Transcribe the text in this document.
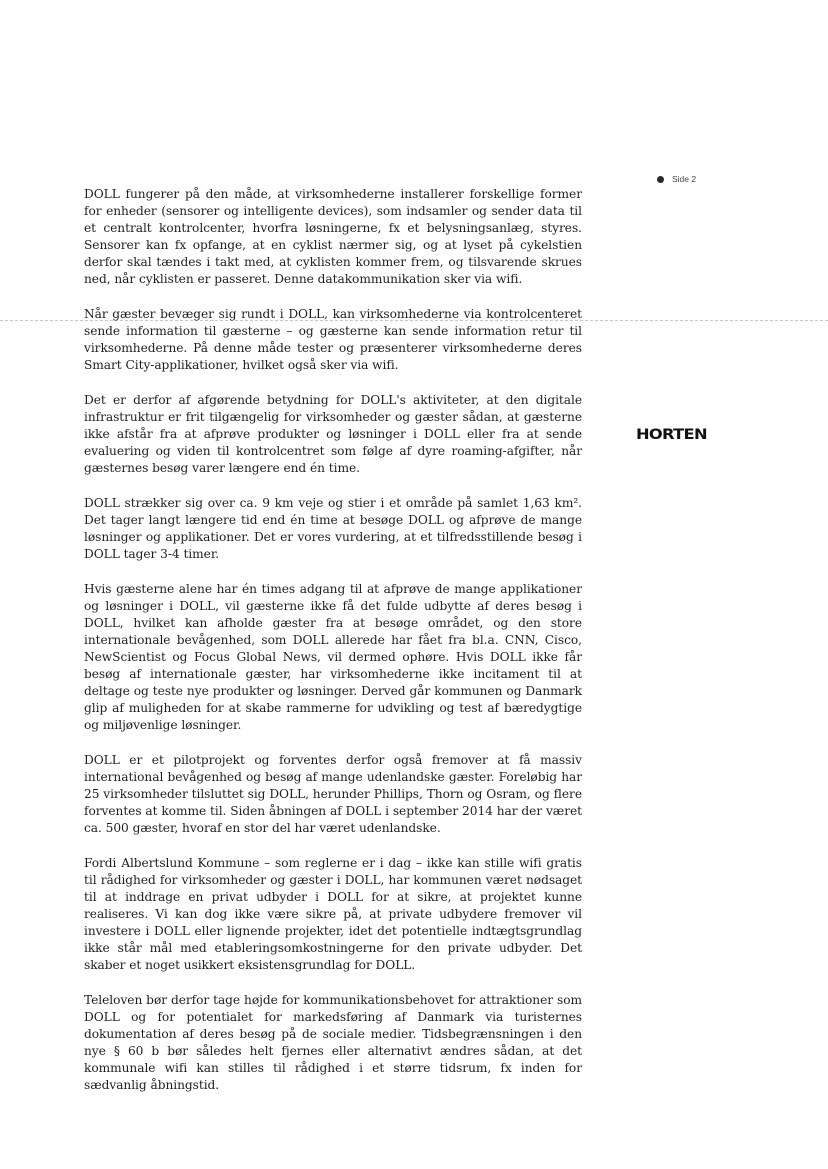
Side 2
HORTEN

DOLL fungerer på den måde, at virksomhederne installerer forskellige former for enheder (sensorer og intelligente devices), som indsamler og sender data til et centralt kontrolcenter, hvorfra løsningerne, fx et belysningsanlæg, styres. Sensorer kan fx opfange, at en cyklist nærmer sig, og at lyset på cykelstien derfor skal tændes i takt med, at cyklisten kommer frem, og tilsvarende skrues ned, når cyklisten er passeret. Denne datakommunikation sker via wifi.

Når gæster bevæger sig rundt i DOLL, kan virksomhederne via kontrolcenteret sende information til gæsterne – og gæsterne kan sende information retur til virksomhederne. På denne måde tester og præsenterer virksomhederne deres Smart City-applikationer, hvilket også sker via wifi.

Det er derfor af afgørende betydning for DOLL's aktiviteter, at den digitale infrastruktur er frit tilgængelig for virksomheder og gæster sådan, at gæsterne ikke afstår fra at afprøve produkter og løsninger i DOLL eller fra at sende evaluering og viden til kontrolcentret som følge af dyre roaming-afgifter, når gæsternes besøg varer længere end én time.

DOLL strækker sig over ca. 9 km veje og stier i et område på samlet 1,63 km². Det tager langt længere tid end én time at besøge DOLL og afprøve de mange løsninger og applikationer. Det er vores vurdering, at et tilfredsstillende besøg i DOLL tager 3-4 timer.

Hvis gæsterne alene har én times adgang til at afprøve de mange applikationer og løsninger i DOLL, vil gæsterne ikke få det fulde udbytte af deres besøg i DOLL, hvilket kan afholde gæster fra at besøge området, og den store internationale bevågenhed, som DOLL allerede har fået fra bl.a. CNN, Cisco, NewScientist og Focus Global News, vil dermed ophøre. Hvis DOLL ikke får besøg af internationale gæster, har virksomhederne ikke incitament til at deltage og teste nye produkter og løsninger. Derved går kommunen og Danmark glip af muligheden for at skabe rammerne for udvikling og test af bæredygtige og miljøvenlige løsninger.

DOLL er et pilotprojekt og forventes derfor også fremover at få massiv international bevågenhed og besøg af mange udenlandske gæster. Foreløbig har 25 virksomheder tilsluttet sig DOLL, herunder Phillips, Thorn og Osram, og flere forventes at komme til. Siden åbningen af DOLL i september 2014 har der været ca. 500 gæster, hvoraf en stor del har været udenlandske.

Fordi Albertslund Kommune – som reglerne er i dag – ikke kan stille wifi gratis til rådighed for virksomheder og gæster i DOLL, har kommunen været nødsaget til at inddrage en privat udbyder i DOLL for at sikre, at projektet kunne realiseres. Vi kan dog ikke være sikre på, at private udbydere fremover vil investere i DOLL eller lignende projekter, idet det potentielle indtægtsgrundlag ikke står mål med etableringsomkostningerne for den private udbyder. Det skaber et noget usikkert eksistensgrundlag for DOLL.

Teleloven bør derfor tage højde for kommunikationsbehovet for attraktioner som DOLL og for potentialet for markedsføring af Danmark via turisternes dokumentation af deres besøg på de sociale medier. Tidsbegrænsningen i den nye § 60 b bør således helt fjernes eller alternativt ændres sådan, at det kommunale wifi kan stilles til rådighed i et større tidsrum, fx inden for sædvanlig åbningstid.
